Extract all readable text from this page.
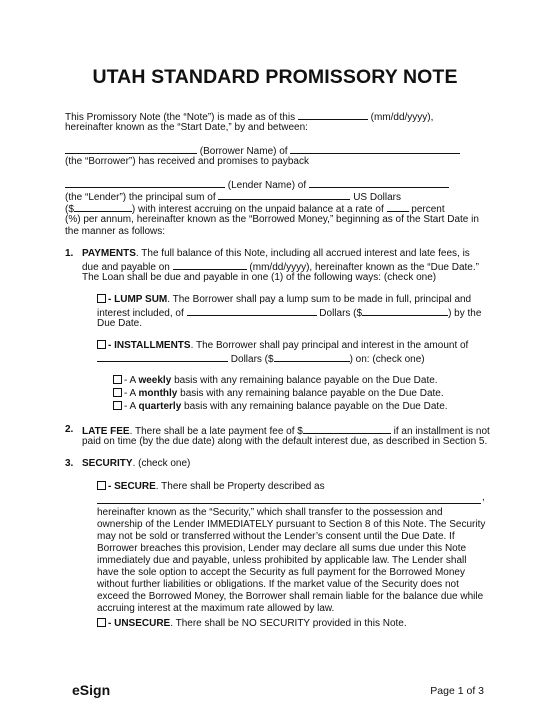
UTAH STANDARD PROMISSORY NOTE
This Promissory Note (the “Note”) is made as of this	(mm/dd/yyyy),
hereinafter known as the “Start Date,” by and between:
(Borrower Name) of
(the “Borrower”) has received and promises to payback
(Lender Name) of
(the “Lender”) the principal sum of	US Dollars
($	) with interest accruing on the unpaid balance at a rate of	percent
(%) per annum, hereinafter known as the “Borrowed Money,” beginning as of the Start Date in
the manner as follows:
1. PAYMENTS. The full balance of this Note, including all accrued interest and late fees, is
due and payable on	(mm/dd/yyyy), hereinafter known as the “Due Date.”
The Loan shall be due and payable in one (1) of the following ways: (check one)
- LUMP SUM. The Borrower shall pay a lump sum to be made in full, principal and
interest included, of	Dollars ($	) by the
Due Date.
- INSTALLMENTS. The Borrower shall pay principal and interest in the amount of
Dollars ($	) on: (check one)
- A weekly basis with any remaining balance payable on the Due Date.
- A monthly basis with any remaining balance payable on the Due Date.
- A quarterly basis with any remaining balance payable on the Due Date.
2. LATE FEE. There shall be a late payment fee of $	if an installment is not
paid on time (by the due date) along with the default interest due, as described in Section 5.
3. SECURITY. (check one)
- SECURE. There shall be Property described as
,
hereinafter known as the “Security,” which shall transfer to the possession and
ownership of the Lender IMMEDIATELY pursuant to Section 8 of this Note. The Security
may not be sold or transferred without the Lender’s consent until the Due Date. If
Borrower breaches this provision, Lender may declare all sums due under this Note
immediately due and payable, unless prohibited by applicable law. The Lender shall
have the sole option to accept the Security as full payment for the Borrowed Money
without further liabilities or obligations. If the market value of the Security does not
exceed the Borrowed Money, the Borrower shall remain liable for the balance due while
accruing interest at the maximum rate allowed by law.
- UNSECURE. There shall be NO SECURITY provided in this Note.
eSign	Page 1 of 3
